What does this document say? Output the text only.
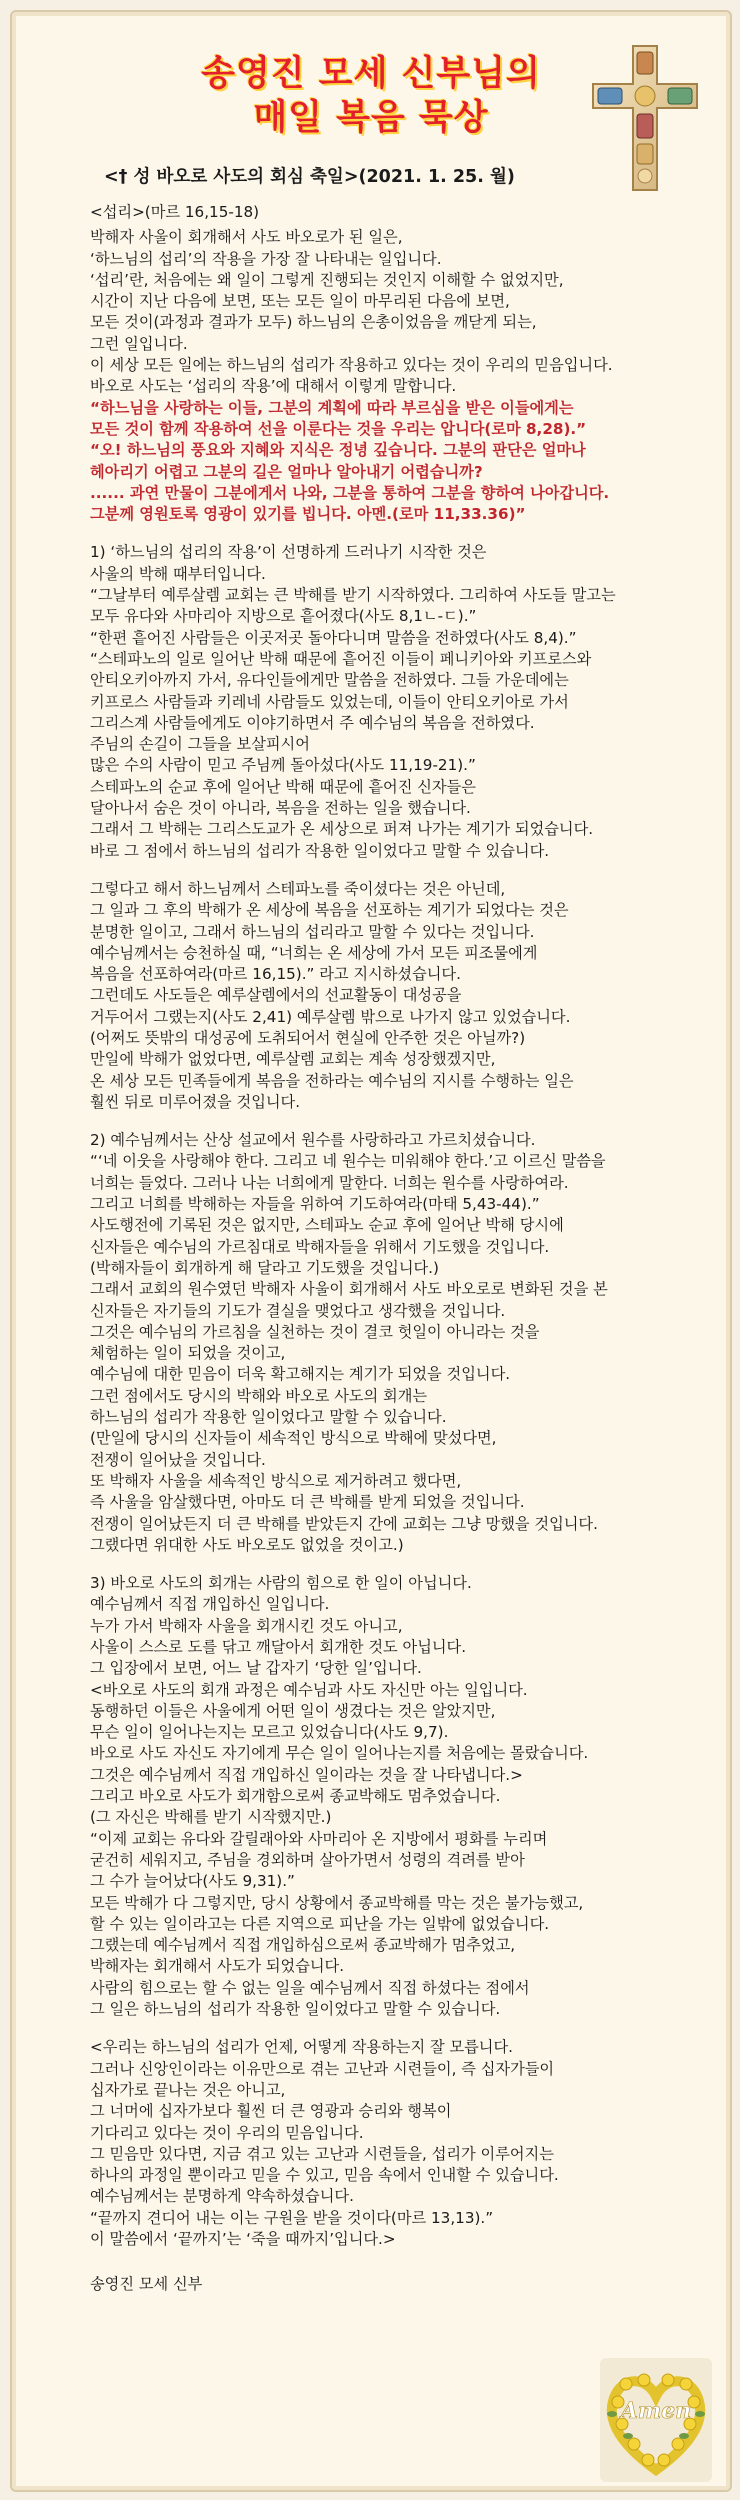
송영진 모세 신부님의
매일 복음 묵상
<† 성 바오로 사도의 회심 축일>(2021. 1. 25. 월)
<섭리>(마르 16,15-18)

박해자 사울이 회개해서 사도 바오로가 된 일은,

‘하느님의 섭리’의 작용을 가장 잘 나타내는 일입니다.

‘섭리’란, 처음에는 왜 일이 그렇게 진행되는 것인지 이해할 수 없었지만,

시간이 지난 다음에 보면, 또는 모든 일이 마무리된 다음에 보면,

모든 것이(과정과 결과가 모두) 하느님의 은총이었음을 깨닫게 되는,

그런 일입니다.

이 세상 모든 일에는 하느님의 섭리가 작용하고 있다는 것이 우리의 믿음입니다.

바오로 사도는 ‘섭리의 작용’에 대해서 이렇게 말합니다.

“하느님을 사랑하는 이들, 그분의 계획에 따라 부르심을 받은 이들에게는

모든 것이 함께 작용하여 선을 이룬다는 것을 우리는 압니다(로마 8,28).”

“오! 하느님의 풍요와 지혜와 지식은 정녕 깊습니다. 그분의 판단은 얼마나

헤아리기 어렵고 그분의 길은 얼마나 알아내기 어렵습니까?

...... 과연 만물이 그분에게서 나와, 그분을 통하여 그분을 향하여 나아갑니다.

그분께 영원토록 영광이 있기를 빕니다. 아멘.(로마 11,33.36)”

1) ‘하느님의 섭리의 작용’이 선명하게 드러나기 시작한 것은

사울의 박해 때부터입니다.

“그날부터 예루살렘 교회는 큰 박해를 받기 시작하였다. 그리하여 사도들 말고는

모두 유다와 사마리아 지방으로 흩어졌다(사도 8,1ㄴ-ㄷ).”

“한편 흩어진 사람들은 이곳저곳 돌아다니며 말씀을 전하였다(사도 8,4).”

“스테파노의 일로 일어난 박해 때문에 흩어진 이들이 페니키아와 키프로스와

안티오키아까지 가서, 유다인들에게만 말씀을 전하였다. 그들 가운데에는

키프로스 사람들과 키레네 사람들도 있었는데, 이들이 안티오키아로 가서

그리스계 사람들에게도 이야기하면서 주 예수님의 복음을 전하였다.

주님의 손길이 그들을 보살피시어

많은 수의 사람이 믿고 주님께 돌아섰다(사도 11,19-21).”

스테파노의 순교 후에 일어난 박해 때문에 흩어진 신자들은

달아나서 숨은 것이 아니라, 복음을 전하는 일을 했습니다.

그래서 그 박해는 그리스도교가 온 세상으로 퍼져 나가는 계기가 되었습니다.

바로 그 점에서 하느님의 섭리가 작용한 일이었다고 말할 수 있습니다.

그렇다고 해서 하느님께서 스테파노를 죽이셨다는 것은 아닌데,

그 일과 그 후의 박해가 온 세상에 복음을 선포하는 계기가 되었다는 것은

분명한 일이고, 그래서 하느님의 섭리라고 말할 수 있다는 것입니다.

예수님께서는 승천하실 때, “너희는 온 세상에 가서 모든 피조물에게

복음을 선포하여라(마르 16,15).” 라고 지시하셨습니다.

그런데도 사도들은 예루살렘에서의 선교활동이 대성공을

거두어서 그랬는지(사도 2,41) 예루살렘 밖으로 나가지 않고 있었습니다.

(어쩌도 뜻밖의 대성공에 도취되어서 현실에 안주한 것은 아닐까?)

만일에 박해가 없었다면, 예루살렘 교회는 계속 성장했겠지만,

온 세상 모든 민족들에게 복음을 전하라는 예수님의 지시를 수행하는 일은

훨씬 뒤로 미루어졌을 것입니다.

2) 예수님께서는 산상 설교에서 원수를 사랑하라고 가르치셨습니다.

“‘네 이웃을 사랑해야 한다. 그리고 네 원수는 미워해야 한다.’고 이르신 말씀을

너희는 들었다. 그러나 나는 너희에게 말한다. 너희는 원수를 사랑하여라.

그리고 너희를 박해하는 자들을 위하여 기도하여라(마태 5,43-44).”

사도행전에 기록된 것은 없지만, 스테파노 순교 후에 일어난 박해 당시에

신자들은 예수님의 가르침대로 박해자들을 위해서 기도했을 것입니다.

(박해자들이 회개하게 해 달라고 기도했을 것입니다.)

그래서 교회의 원수였던 박해자 사울이 회개해서 사도 바오로로 변화된 것을 본

신자들은 자기들의 기도가 결실을 맺었다고 생각했을 것입니다.

그것은 예수님의 가르침을 실천하는 것이 결코 헛일이 아니라는 것을

체험하는 일이 되었을 것이고,

예수님에 대한 믿음이 더욱 확고해지는 계기가 되었을 것입니다.

그런 점에서도 당시의 박해와 바오로 사도의 회개는

하느님의 섭리가 작용한 일이었다고 말할 수 있습니다.

(만일에 당시의 신자들이 세속적인 방식으로 박해에 맞섰다면,

전쟁이 일어났을 것입니다.

또 박해자 사울을 세속적인 방식으로 제거하려고 했다면,

즉 사울을 암살했다면, 아마도 더 큰 박해를 받게 되었을 것입니다.

전쟁이 일어났든지 더 큰 박해를 받았든지 간에 교회는 그냥 망했을 것입니다.

그랬다면 위대한 사도 바오로도 없었을 것이고.)

3) 바오로 사도의 회개는 사람의 힘으로 한 일이 아닙니다.

예수님께서 직접 개입하신 일입니다.

누가 가서 박해자 사울을 회개시킨 것도 아니고,

사울이 스스로 도를 닦고 깨달아서 회개한 것도 아닙니다.

그 입장에서 보면, 어느 날 갑자기 ‘당한 일’입니다.

<바오로 사도의 회개 과정은 예수님과 사도 자신만 아는 일입니다.

동행하던 이들은 사울에게 어떤 일이 생겼다는 것은 알았지만,

무슨 일이 일어나는지는 모르고 있었습니다(사도 9,7).

바오로 사도 자신도 자기에게 무슨 일이 일어나는지를 처음에는 몰랐습니다.

그것은 예수님께서 직접 개입하신 일이라는 것을 잘 나타냅니다.>

그리고 바오로 사도가 회개함으로써 종교박해도 멈추었습니다.

(그 자신은 박해를 받기 시작했지만.)

“이제 교회는 유다와 갈릴래아와 사마리아 온 지방에서 평화를 누리며

굳건히 세워지고, 주님을 경외하며 살아가면서 성령의 격려를 받아

그 수가 늘어났다(사도 9,31).”

모든 박해가 다 그렇지만, 당시 상황에서 종교박해를 막는 것은 불가능했고,

할 수 있는 일이라고는 다른 지역으로 피난을 가는 일밖에 없었습니다.

그랬는데 예수님께서 직접 개입하심으로써 종교박해가 멈추었고,

박해자는 회개해서 사도가 되었습니다.

사람의 힘으로는 할 수 없는 일을 예수님께서 직접 하셨다는 점에서

그 일은 하느님의 섭리가 작용한 일이었다고 말할 수 있습니다.

<우리는 하느님의 섭리가 언제, 어떻게 작용하는지 잘 모릅니다.

그러나 신앙인이라는 이유만으로 겪는 고난과 시련들이, 즉 십자가들이

십자가로 끝나는 것은 아니고,

그 너머에 십자가보다 훨씬 더 큰 영광과 승리와 행복이

기다리고 있다는 것이 우리의 믿음입니다.

그 믿음만 있다면, 지금 겪고 있는 고난과 시련들을, 섭리가 이루어지는

하나의 과정일 뿐이라고 믿을 수 있고, 믿음 속에서 인내할 수 있습니다.

예수님께서는 분명하게 약속하셨습니다.

“끝까지 견디어 내는 이는 구원을 받을 것이다(마르 13,13).”

이 말씀에서 ‘끝까지’는 ‘죽을 때까지’입니다.>

송영진 모세 신부
Amen
